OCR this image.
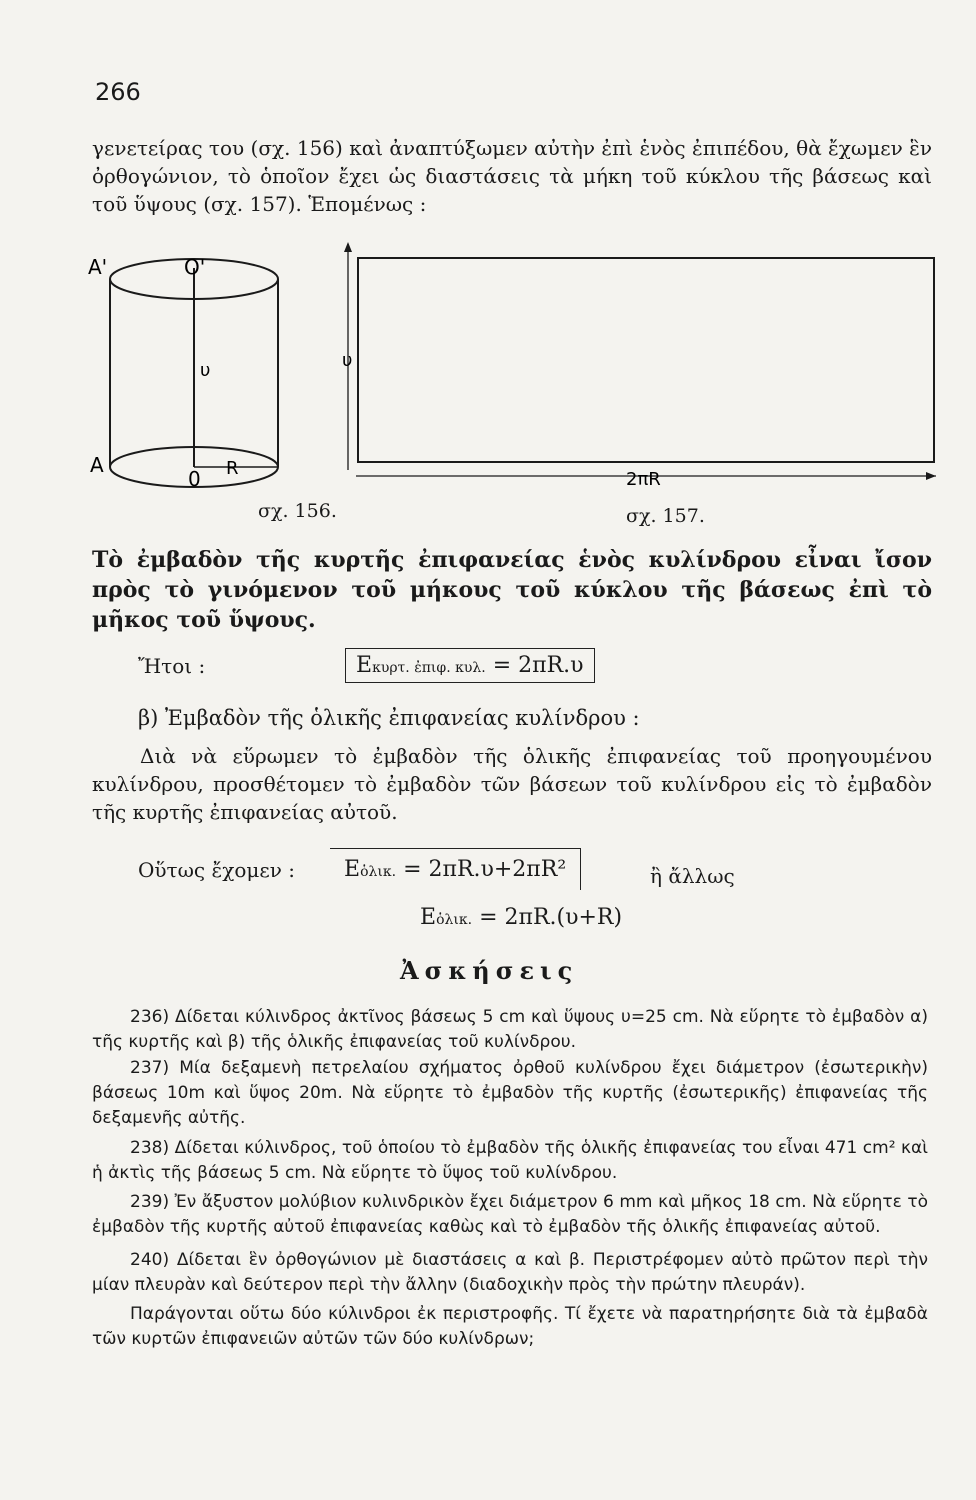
266
γενετείρας του (σχ. 156) καὶ ἀναπτύξωμεν αὐτὴν ἐπὶ ἑνὸς ἐπιπέδου, θὰ ἔχωμεν ἓν ὀρθογώνιον, τὸ ὁποῖον ἔχει ὡς διαστάσεις τὰ μήκη τοῦ κύκλου τῆς βάσεως καὶ τοῦ ὕψους (σχ. 157). Ἑπομένως :
Α'	Ο'
υ
Α
0 R
σχ. 156.
υ
2πR
σχ. 157.
Τὸ ἐμβαδὸν τῆς κυρτῆς ἐπιφανείας ἑνὸς κυλίνδρου εἶναι ἴσον πρὸς τὸ γινόμενον τοῦ μήκους τοῦ κύκλου τῆς βάσεως ἐπὶ τὸ μῆκος τοῦ ὕψους.
Ἤτοι :	Εκυρτ. ἐπιφ. κυλ. = 2πR.υ
β) Ἐμβαδὸν τῆς ὁλικῆς ἐπιφανείας κυλίνδρου :
Διὰ νὰ εὕρωμεν τὸ ἐμβαδὸν τῆς ὁλικῆς ἐπιφανείας τοῦ προηγουμένου κυλίνδρου, προσθέτομεν τὸ ἐμβαδὸν τῶν βάσεων τοῦ κυλίνδρου εἰς τὸ ἐμβαδὸν τῆς κυρτῆς ἐπιφανείας αὐτοῦ.
Οὕτως ἔχομεν :	Εὁλικ. = 2πR.υ+2πR²	ἢ ἄλλως
Εὁλικ. = 2πR.(υ+R)
Ἀσκήσεις
236) Δίδεται κύλινδρος ἀκτῖνος βάσεως 5 cm καὶ ὕψους υ=25 cm. Νὰ εὕρητε τὸ ἐμβαδὸν α) τῆς κυρτῆς καὶ β) τῆς ὁλικῆς ἐπιφανείας τοῦ κυλίνδρου.
237) Μία δεξαμενὴ πετρελαίου σχήματος ὀρθοῦ κυλίνδρου ἔχει διάμετρον (ἐσωτερικὴν) βάσεως 10m καὶ ὕψος 20m. Νὰ εὕρητε τὸ ἐμβαδὸν τῆς κυρτῆς (ἐσωτερικῆς) ἐπιφανείας τῆς δεξαμενῆς αὐτῆς.
238) Δίδεται κύλινδρος, τοῦ ὁποίου τὸ ἐμβαδὸν τῆς ὁλικῆς ἐπιφανείας του εἶναι 471 cm² καὶ ἡ ἀκτὶς τῆς βάσεως 5 cm. Νὰ εὕρητε τὸ ὕψος τοῦ κυλίνδρου.
239) Ἐν ἄξυστον μολύβιον κυλινδρικὸν ἔχει διάμετρον 6 mm καὶ μῆκος 18 cm. Νὰ εὕρητε τὸ ἐμβαδὸν τῆς κυρτῆς αὐτοῦ ἐπιφανείας καθὼς καὶ τὸ ἐμβαδὸν τῆς ὁλικῆς ἐπιφανείας αὐτοῦ.
240) Δίδεται ἓν ὀρθογώνιον μὲ διαστάσεις α καὶ β. Περιστρέφομεν αὐτὸ πρῶτον περὶ τὴν μίαν πλευρὰν καὶ δεύτερον περὶ τὴν ἄλλην (διαδοχικὴν πρὸς τὴν πρώτην πλευράν).
Παράγονται οὕτω δύο κύλινδροι ἐκ περιστροφῆς. Τί ἔχετε νὰ παρατηρήσητε διὰ τὰ ἐμβαδὰ τῶν κυρτῶν ἐπιφανειῶν αὐτῶν τῶν δύο κυλίνδρων;
